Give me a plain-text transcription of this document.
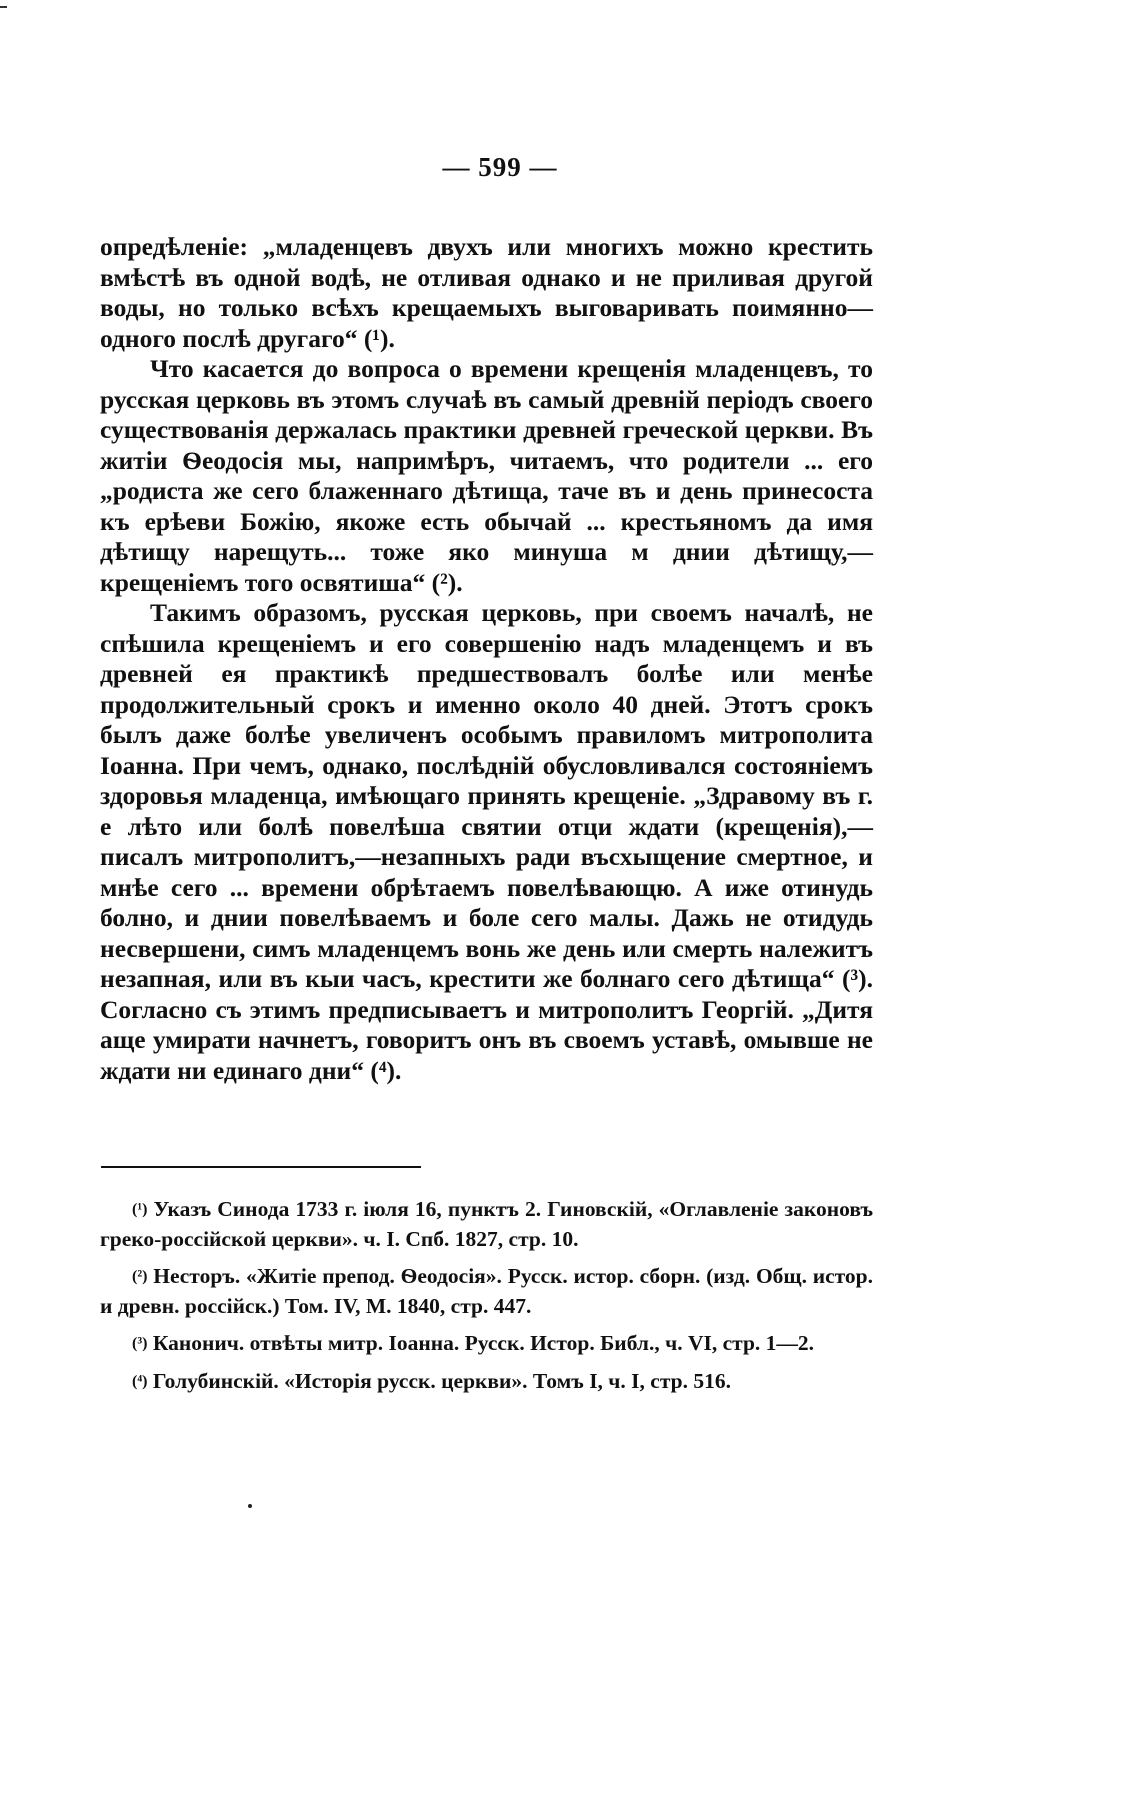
— 599 —

опредѣленіе: „младенцевъ двухъ или многихъ можно крестить вмѣстѣ въ одной водѣ, не отливая однако и не приливая другой воды, но только всѣхъ крещаемыхъ выговаривать поимянно—одного послѣ другаго“ (¹).

Что касается до вопроса о времени крещенія младенцевъ, то русская церковь въ этомъ случаѣ въ самый древній періодъ своего существованія держалась практики древней греческой церкви. Въ житіи Ѳеодосія мы, напримѣръ, читаемъ, что родители ... его „родиста же сего блаженнаго дѣтища, таче въ и день принесоста къ ерѣеви Божію, якоже есть обычай ... крестьяномъ да имя дѣтищу нарещуть... тоже яко минуша м днии дѣтищу,—крещеніемъ того освятиша“ (²).

Такимъ образомъ, русская церковь, при своемъ началѣ, не спѣшила крещеніемъ и его совершенію надъ младенцемъ и въ древней ея практикѣ предшествовалъ болѣе или менѣе продолжительный срокъ и именно около 40 дней. Этотъ срокъ былъ даже болѣе увеличенъ особымъ правиломъ митрополита Іоанна. При чемъ, однако, послѣдній обусловливался состояніемъ здоровья младенца, имѣющаго принять крещеніе. „Здравому въ г. е лѣто или болѣ повелѣша святии отци ждати (крещенія),—писалъ митрополитъ,—незапныхъ ради въсхыщение смертное, и мнѣе сего ... времени обрѣтаемъ повелѣвающю. А иже отинудь болно, и днии повелѣваемъ и боле сего малы. Дажь не отидудь несвершени, симъ младенцемъ вонь же день или смерть належитъ незапная, или въ кыи часъ, крестити же болнаго сего дѣтища“ (³). Согласно съ этимъ предписываетъ и митрополитъ Георгій. „Дитя аще умирати начнетъ, говоритъ онъ въ своемъ уставѣ, омывше не ждати ни единаго дни“ (⁴).

$^{(^1)}$ Указъ Синода 1733 г. іюля 16, пунктъ 2. Гиновскій, «Оглавленіе законовъ греко-россійской церкви». ч. I. Спб. 1827, стр. 10.

$^{(^2)}$ Несторъ. «Житіе препод. Ѳеодосія». Русск. истор. сборн. (изд. Общ. истор. и древн. россійск.) Том. IV, М. 1840, стр. 447.

$^{(^3)}$ Канонич. отвѣты митр. Іоанна. Русск. Истор. Библ., ч. VI, стр. 1—2.

$^{(^4)}$ Голубинскій. «Исторія русск. церкви». Томъ I, ч. I, стр. 516.
